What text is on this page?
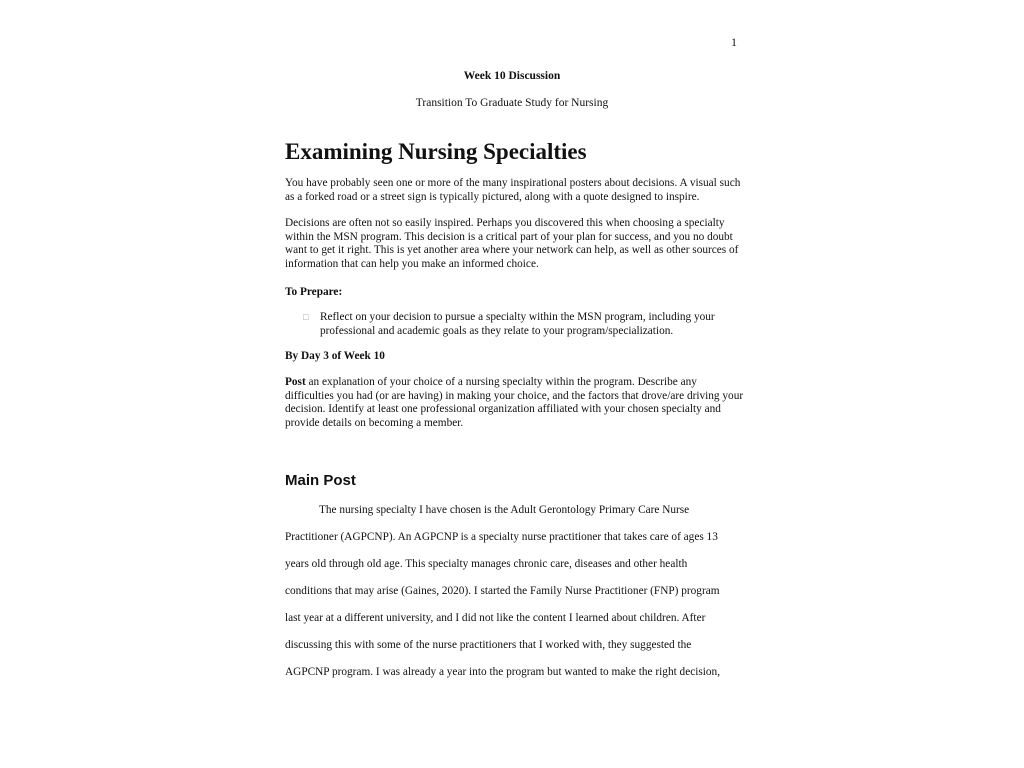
1
Week 10 Discussion
Transition To Graduate Study for Nursing
Examining Nursing Specialties

You have probably seen one or more of the many inspirational posters about decisions. A visual such as a forked road or a street sign is typically pictured, along with a quote designed to inspire.

Decisions are often not so easily inspired. Perhaps you discovered this when choosing a specialty within the MSN program. This decision is a critical part of your plan for success, and you no doubt want to get it right. This is yet another area where your network can help, as well as other sources of information that can help you make an informed choice.

To Prepare:

□	Reflect on your decision to pursue a specialty within the MSN program, including your professional and academic goals as they relate to your program/specialization.

By Day 3 of Week 10

Post an explanation of your choice of a nursing specialty within the program. Describe any difficulties you had (or are having) in making your choice, and the factors that drove/are driving your decision. Identify at least one professional organization affiliated with your chosen specialty and provide details on becoming a member.

Main Post
The nursing specialty I have chosen is the Adult Gerontology Primary Care Nurse
Practitioner (AGPCNP). An AGPCNP is a specialty nurse practitioner that takes care of ages 13
years old through old age. This specialty manages chronic care, diseases and other health
conditions that may arise (Gaines, 2020). I started the Family Nurse Practitioner (FNP) program
last year at a different university, and I did not like the content I learned about children. After
discussing this with some of the nurse practitioners that I worked with, they suggested the
AGPCNP program. I was already a year into the program but wanted to make the right decision,
